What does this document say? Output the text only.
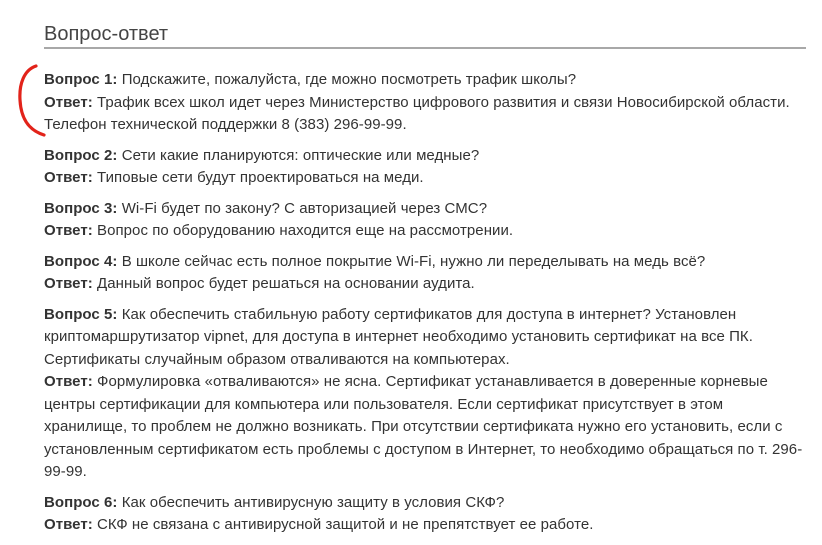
Вопрос-ответ
Вопрос 1: Подскажите, пожалуйста, где можно посмотреть трафик школы?
Ответ: Трафик всех школ идет через Министерство цифрового развития и связи Новосибирской области. Телефон технической поддержки 8 (383) 296-99-99.
Вопрос 2: Сети какие планируются: оптические или медные?
Ответ: Типовые сети будут проектироваться на меди.
Вопрос 3: Wi-Fi будет по закону? С авторизацией через СМС?
Ответ: Вопрос по оборудованию находится еще на рассмотрении.
Вопрос 4: В школе сейчас есть полное покрытие Wi-Fi, нужно ли переделывать на медь всё?
Ответ: Данный вопрос будет решаться на основании аудита.
Вопрос 5: Как обеспечить стабильную работу сертификатов для доступа в интернет? Установлен криптомаршрутизатор vipnet, для доступа в интернет необходимо установить сертификат на все ПК. Сертификаты случайным образом отваливаются на компьютерах.
Ответ: Формулировка «отваливаются» не ясна. Сертификат устанавливается в доверенные корневые центры сертификации для компьютера или пользователя. Если сертификат присутствует в этом хранилище, то проблем не должно возникать. При отсутствии сертификата нужно его установить, если с установленным сертификатом есть проблемы с доступом в Интернет, то необходимо обращаться по т. 296-99-99.
Вопрос 6: Как обеспечить антивирусную защиту в условия СКФ?
Ответ: СКФ не связана с антивирусной защитой и не препятствует ее работе.
